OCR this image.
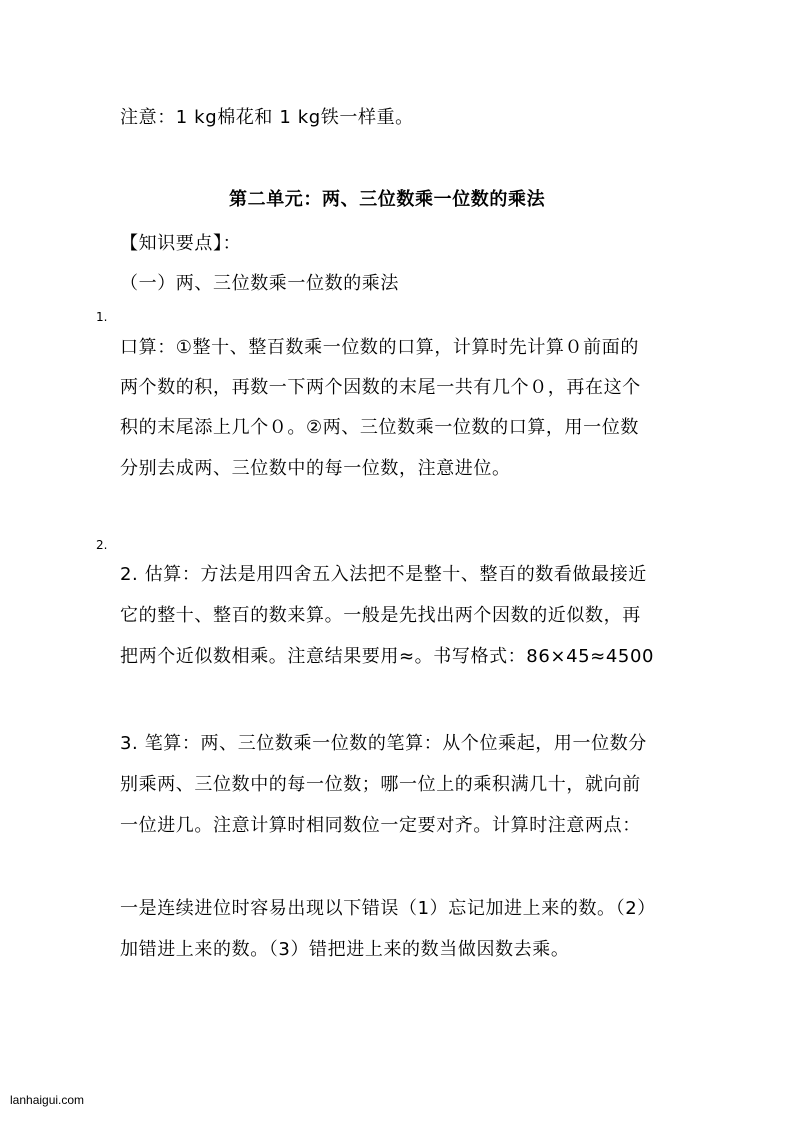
注意：1 kg棉花和 1 kg铁一样重。
第二单元：两、三位数乘一位数的乘法
【知识要点】：
（一）两、三位数乘一位数的乘法
1.
口算：①整十、整百数乘一位数的口算，计算时先计算０前面的
两个数的积，再数一下两个因数的末尾一共有几个０，再在这个
积的末尾添上几个０。②两、三位数乘一位数的口算，用一位数
分别去成两、三位数中的每一位数，注意进位。
2.
2. 估算：方法是用四舍五入法把不是整十、整百的数看做最接近
它的整十、整百的数来算。一般是先找出两个因数的近似数，再
把两个近似数相乘。注意结果要用≈。书写格式：86×45≈4500
3. 笔算：两、三位数乘一位数的笔算：从个位乘起，用一位数分
别乘两、三位数中的每一位数；哪一位上的乘积满几十，就向前
一位进几。注意计算时相同数位一定要对齐。计算时注意两点：
一是连续进位时容易出现以下错误（1）忘记加进上来的数。（2）
加错进上来的数。（3）错把进上来的数当做因数去乘。
lanhaigui.com
